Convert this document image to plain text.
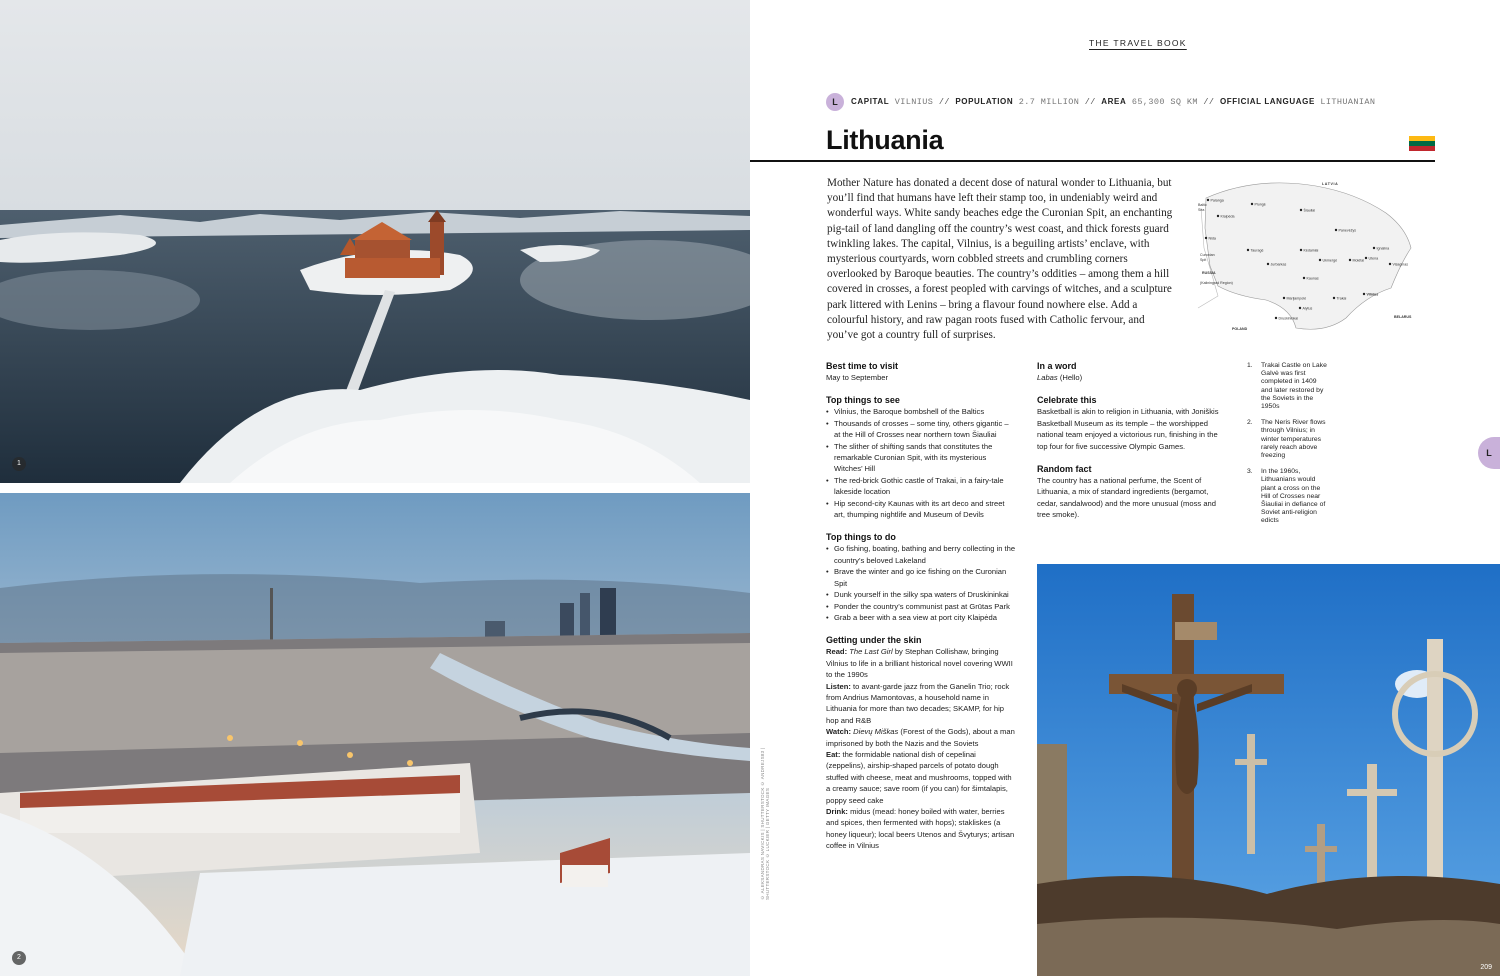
1
2
© ALEKSANDRAS NAVICKIS | SHUTTERSTOCK © ANDREJS83 | SHUTTERSTOCK © LUCKIER | GETTY IMAGES
THE TRAVEL BOOK
L	CAPITAL VILNIUS // POPULATION 2.7 MILLION // AREA 65,300 SQ KM // OFFICIAL LANGUAGE LITHUANIAN
Lithuania
Mother Nature has donated a decent dose of natural wonder to Lithuania, but you’ll find that humans have left their stamp too, in undeniably weird and wonderful ways. White sandy beaches edge the Curonian Spit, an enchanting pig-tail of land dangling off the country’s west coast, and thick forests guard twinkling lakes. The capital, Vilnius, is a beguiling artists’ enclave, with mysterious courtyards, worn cobbled streets and crumbling corners overlooked by Baroque beauties. The country’s oddities – among them a hill covered in crosses, a forest peopled with carvings of witches, and a sculpture park littered with Lenins – bring a flavour found nowhere else. Add a colourful history, and raw pagan roots fused with Catholic fervour, and you’ve got a country full of surprises.
LATVIA
RUSSIA
(Kaliningrad Region)
POLAND
BELARUS
Baltic
Sea
Curonian
Spit
Palanga
Plungė
Klaipėda
Šiauliai
Panevėžys
Ignalina
Nida
Tauragė	Kėdainiai
Utena
Molėtai
Visaginas
Jurbarkas
Ukmergė
Kaunas
Marijampolė	Trakai
Vilnius
Alytus
Druskininkai

Best time to visit

May to September

Top things to see

• Vilnius, the Baroque bombshell of the Baltics
• Thousands of crosses – some tiny, others gigantic – at the Hill of Crosses near northern town Šiauliai
• The slither of shifting sands that constitutes the remarkable Curonian Spit, with its mysterious Witches’ Hill
• The red-brick Gothic castle of Trakai, in a fairy-tale lakeside location
• Hip second-city Kaunas with its art deco and street art, thumping nightlife and Museum of Devils

Top things to do

• Go fishing, boating, bathing and berry collecting in the country’s beloved Lakeland
• Brave the winter and go ice fishing on the Curonian Spit
• Dunk yourself in the silky spa waters of Druskininkai
• Ponder the country’s communist past at Grūtas Park
• Grab a beer with a sea view at port city Klaipėda

Getting under the skin

Read: The Last Girl by Stephan Collishaw, bringing Vilnius to life in a brilliant historical novel covering WWII to the 1990s

Listen: to avant-garde jazz from the Ganelin Trio; rock from Andrius Mamontovas, a household name in Lithuania for more than two decades; SKAMP, for hip hop and R&B

Watch: Dievų Miškas (Forest of the Gods), about a man imprisoned by both the Nazis and the Soviets

Eat: the formidable national dish of cepelinai (zeppelins), airship-shaped parcels of potato dough stuffed with cheese, meat and mushrooms, topped with a creamy sauce; save room (if you can) for šimtalapis, poppy seed cake

Drink: midus (mead: honey boiled with water, berries and spices, then fermented with hops); stakliskes (a honey liqueur); local beers Utenos and Švyturys; artisan coffee in Vilnius

In a word

Labas (Hello)

Celebrate this

Basketball is akin to religion in Lithuania, with Joniškis Basketball Museum as its temple – the worshipped national team enjoyed a victorious run, finishing in the top four for five successive Olympic Games.

Random fact

The country has a national perfume, the Scent of Lithuania, a mix of standard ingredients (bergamot, cedar, sandalwood) and the more unusual (moss and tree smoke).

1.	Trakai Castle on Lake Galvė was first completed in 1409 and later restored by the Soviets in the 1950s
2.	The Neris River flows through Vilnius; in winter temperatures rarely reach above freezing
3.	In the 1960s, Lithuanians would plant a cross on the Hill of Crosses near Šiauliai in defiance of Soviet anti-religion edicts
L
209
